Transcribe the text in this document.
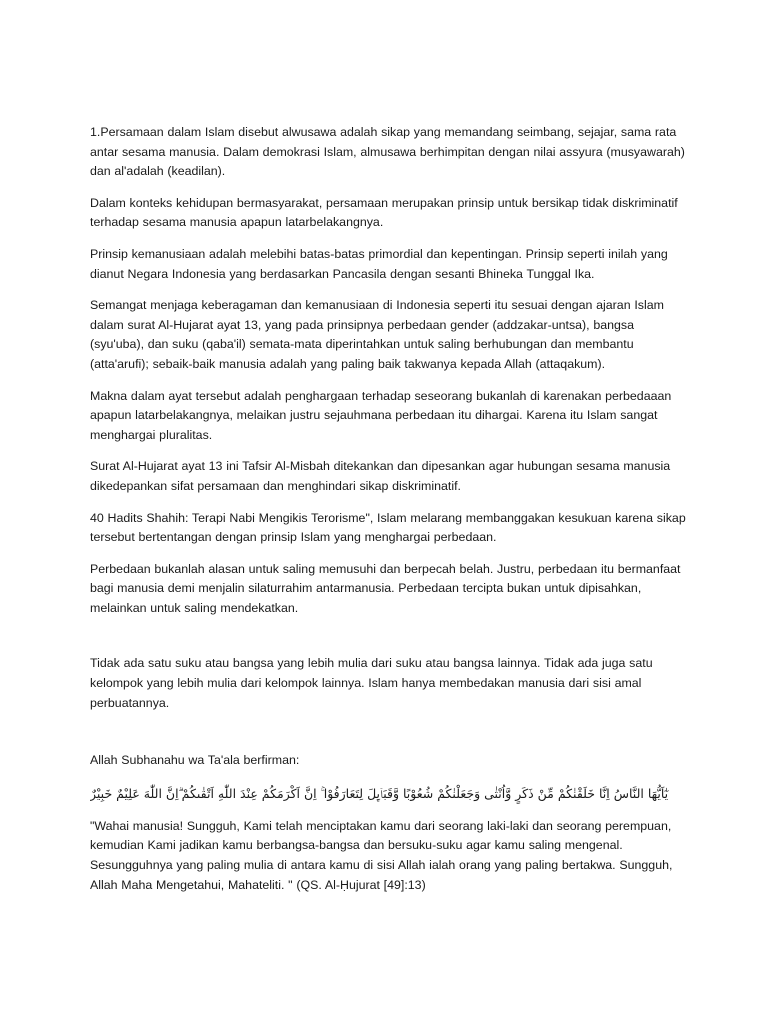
1.Persamaan dalam Islam disebut alwusawa adalah sikap yang memandang seimbang, sejajar, sama rata antar sesama manusia. Dalam demokrasi Islam, almusawa berhimpitan dengan nilai assyura (musyawarah) dan al'adalah (keadilan).

Dalam konteks kehidupan bermasyarakat, persamaan merupakan prinsip untuk bersikap tidak diskriminatif terhadap sesama manusia apapun latarbelakangnya.

Prinsip kemanusiaan adalah melebihi batas-batas primordial dan kepentingan. Prinsip seperti inilah yang dianut Negara Indonesia yang berdasarkan Pancasila dengan sesanti Bhineka Tunggal Ika.

Semangat menjaga keberagaman dan kemanusiaan di Indonesia seperti itu sesuai dengan ajaran Islam dalam surat Al-Hujarat ayat 13, yang pada prinsipnya perbedaan gender (addzakar-untsa), bangsa (syu'uba), dan suku (qaba'il) semata-mata diperintahkan untuk saling berhubungan dan membantu (atta'arufi); sebaik-baik manusia adalah yang paling baik takwanya kepada Allah (attaqakum).

Makna dalam ayat tersebut adalah penghargaan terhadap seseorang bukanlah di karenakan perbedaaan apapun latarbelakangnya, melaikan justru sejauhmana perbedaan itu dihargai. Karena itu Islam sangat menghargai pluralitas.

Surat Al-Hujarat ayat 13 ini Tafsir Al-Misbah ditekankan dan dipesankan agar hubungan sesama manusia dikedepankan sifat persamaan dan menghindari sikap diskriminatif.

40 Hadits Shahih: Terapi Nabi Mengikis Terorisme", Islam melarang membanggakan kesukuan karena sikap tersebut bertentangan dengan prinsip Islam yang menghargai perbedaan.

Perbedaan bukanlah alasan untuk saling memusuhi dan berpecah belah. Justru, perbedaan itu bermanfaat bagi manusia demi menjalin silaturrahim antarmanusia. Perbedaan tercipta bukan untuk dipisahkan, melainkan untuk saling mendekatkan.

Tidak ada satu suku atau bangsa yang lebih mulia dari suku atau bangsa lainnya. Tidak ada juga satu kelompok yang lebih mulia dari kelompok lainnya. Islam hanya membedakan manusia dari sisi amal perbuatannya.

Allah Subhanahu wa Ta'ala berfirman:

يٰٓاَيُّهَا النَّاسُ اِنَّا خَلَقْنٰكُمْ مِّنْ ذَكَرٍ وَّاُنْثٰى وَجَعَلْنٰكُمْ شُعُوْبًا وَّقَبَاۤىِٕلَ لِتَعَارَفُوْا ۚ اِنَّ اَكْرَمَكُمْ عِنْدَ اللّٰهِ اَتْقٰىكُمْ ۗاِنَّ اللّٰهَ عَلِيْمٌ خَبِيْرٌ

"Wahai manusia! Sungguh, Kami telah menciptakan kamu dari seorang laki-laki dan seorang perempuan, kemudian Kami jadikan kamu berbangsa-bangsa dan bersuku-suku agar kamu saling mengenal. Sesungguhnya yang paling mulia di antara kamu di sisi Allah ialah orang yang paling bertakwa. Sungguh, Allah Maha Mengetahui, Mahateliti. " (QS. Al-Ḥujurat [49]:13)
